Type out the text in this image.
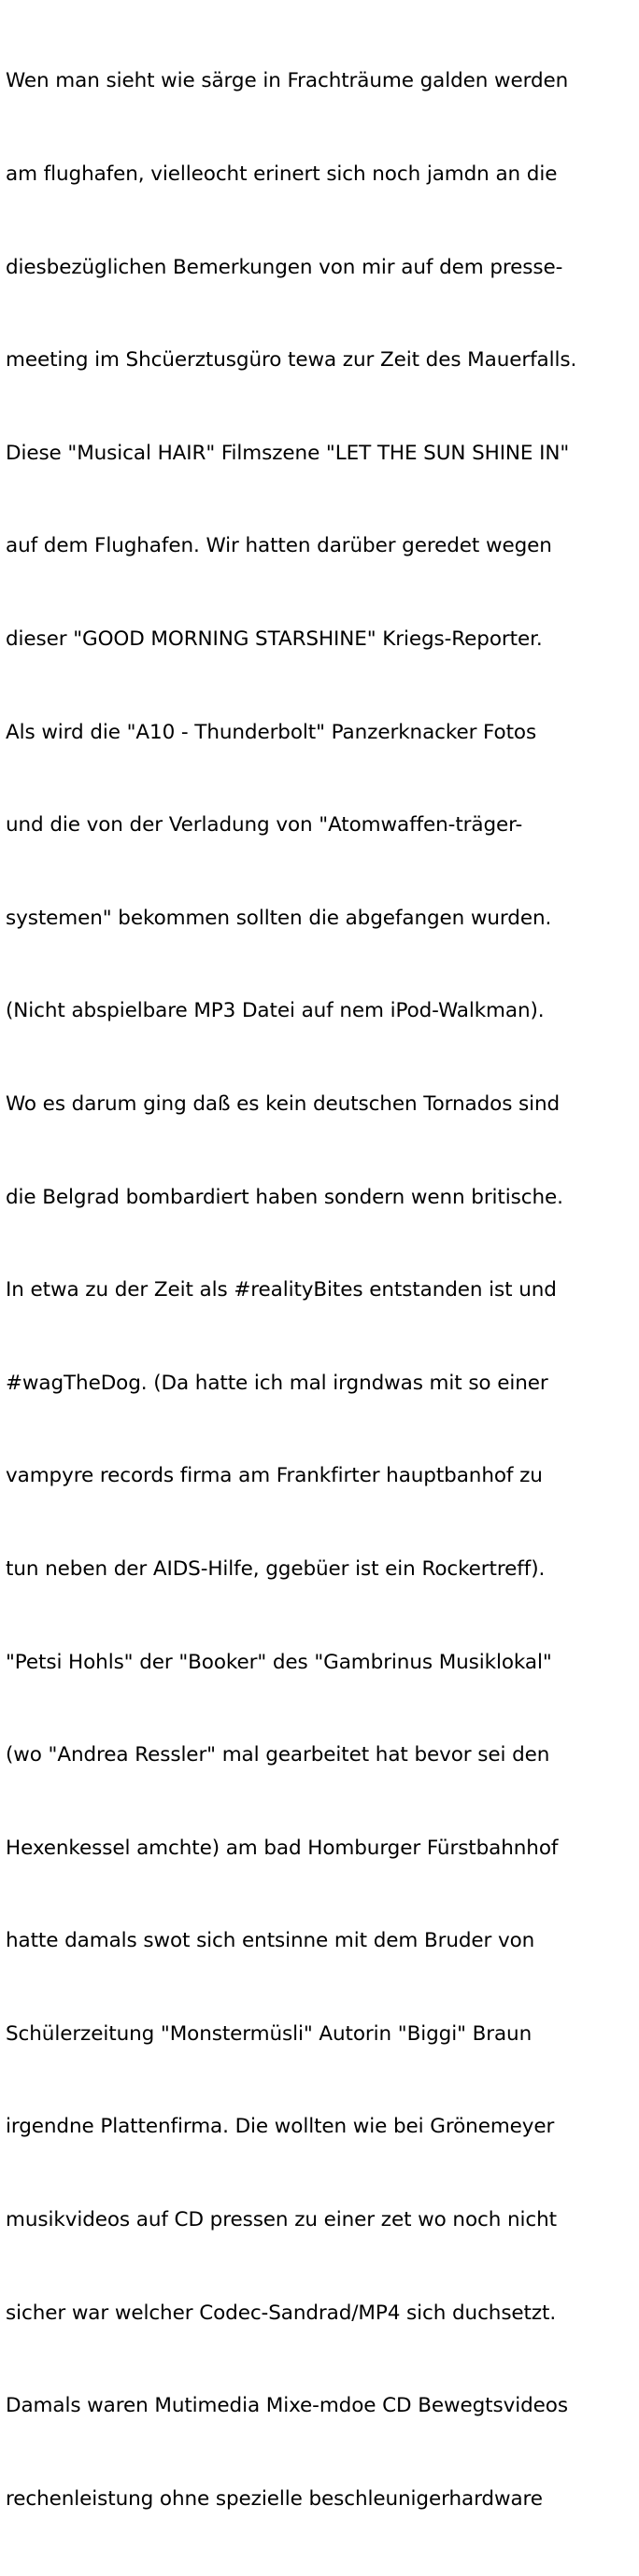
Wen man sieht wie särge in Frachträume galden werden

am flughafen, vielleocht erinert sich noch jamdn an die

diesbezüglichen Bemerkungen von mir auf dem presse-

meeting im Shcüerztusgüro tewa zur Zeit des Mauerfalls.

Diese "Musical HAIR" Filmszene "LET THE SUN SHINE IN"

auf dem Flughafen. Wir hatten darüber geredet wegen

dieser "GOOD MORNING STARSHINE" Kriegs-Reporter.

Als wird die "A10 - Thunderbolt" Panzerknacker Fotos

und die von der Verladung von "Atomwaffen-träger-

systemen" bekommen sollten die abgefangen wurden.

(Nicht abspielbare MP3 Datei auf nem iPod-Walkman).

Wo es darum ging daß es kein deutschen Tornados sind

die Belgrad bombardiert haben sondern wenn britische.

In etwa zu der Zeit als #realityBites entstanden ist und

#wagTheDog. (Da hatte ich mal irgndwas mit so einer

vampyre records firma am Frankfirter hauptbanhof zu

tun neben der AIDS-Hilfe, ggebüer ist ein Rockertreff).

"Petsi Hohls" der "Booker" des "Gambrinus Musiklokal"

(wo "Andrea Ressler" mal gearbeitet hat bevor sei den

Hexenkessel amchte) am bad Homburger Fürstbahnhof

hatte damals swot sich entsinne mit dem Bruder von

Schülerzeitung "Monstermüsli" Autorin "Biggi" Braun

irgendne Plattenfirma. Die wollten wie bei Grönemeyer

musikvideos auf CD pressen zu einer zet wo noch nicht

sicher war welcher Codec-Sandrad/MP4 sich duchsetzt.

Damals waren Mutimedia Mixe-mdoe CD Bewegtsvideos

rechenleistung ohne spezielle beschleunigerhardware
